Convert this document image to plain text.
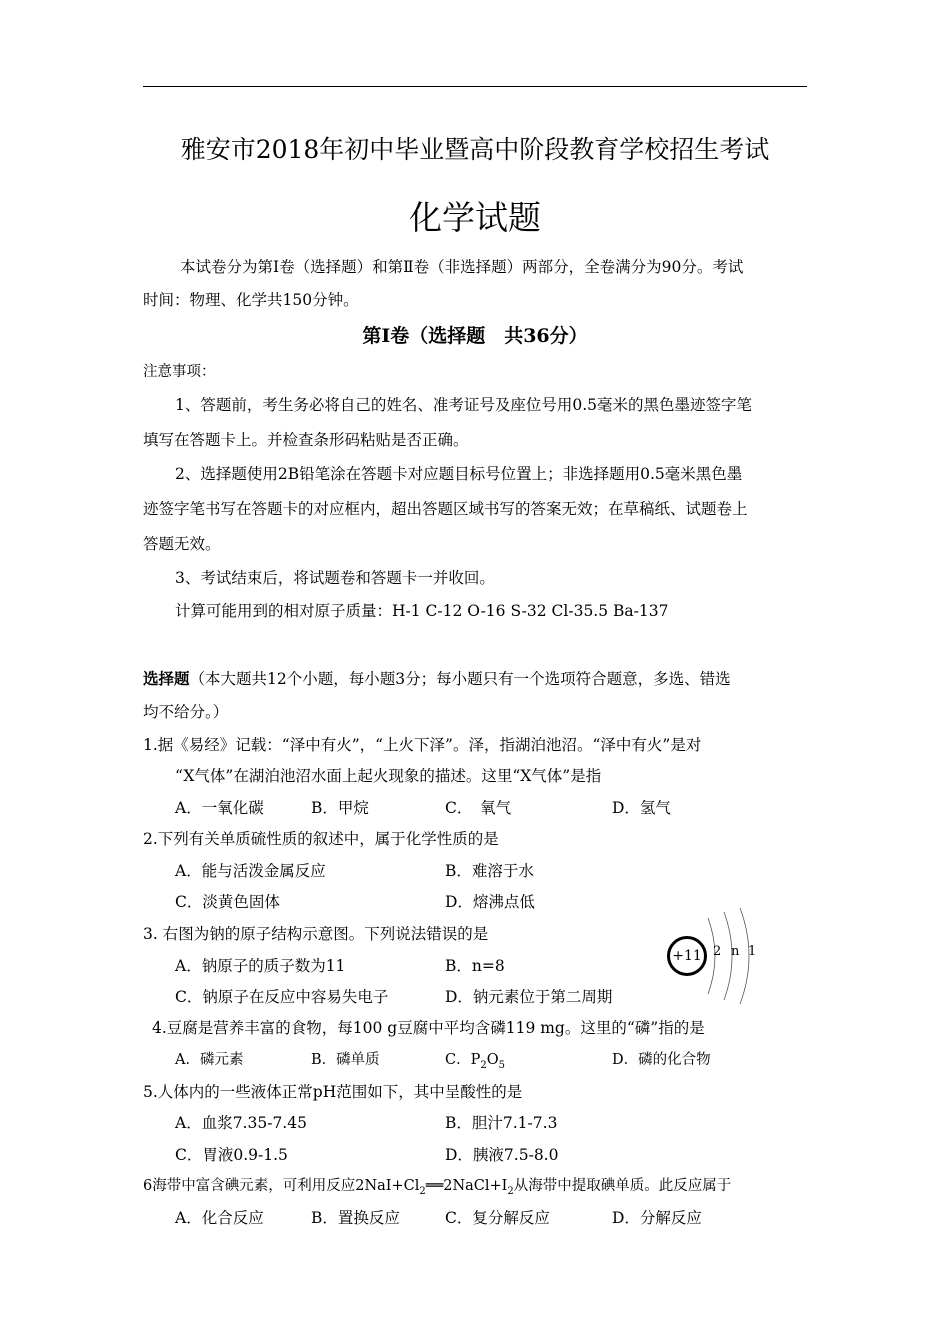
雅安市2018年初中毕业暨高中阶段教育学校招生考试
化学试题
本试卷分为第Ⅰ卷（选择题）和第Ⅱ卷（非选择题）两部分，全卷满分为90分。考试
时间：物理、化学共150分钟。
第Ⅰ卷（选择题　共36分）
注意事项：
1、答题前，考生务必将自己的姓名、准考证号及座位号用0.5毫米的黑色墨迹签字笔
填写在答题卡上。并检查条形码粘贴是否正确。
2、选择题使用2B铅笔涂在答题卡对应题目标号位置上；非选择题用0.5毫米黑色墨
迹签字笔书写在答题卡的对应框内，超出答题区域书写的答案无效；在草稿纸、试题卷上
答题无效。
3、考试结束后，将试题卷和答题卡一并收回。
计算可能用到的相对原子质量：H-1 C-12 O-16 S-32 Cl-35.5 Ba-137
选择题（本大题共12个小题，每小题3分；每小题只有一个选项符合题意，多选、错选
均不给分。）
1.据《易经》记载：“泽中有火”，“上火下泽”。泽，指湖泊池沼。“泽中有火”是对
“X气体”在湖泊池沼水面上起火现象的描述。这里“X气体”是指
A．一氧化碳	B．甲烷	C．　氧气	D．氢气
2.下列有关单质硫性质的叙述中，属于化学性质的是
A．能与活泼金属反应	B．难溶于水
C．淡黄色固体	D．熔沸点低
3. 右图为钠的原子结构示意图。下列说法错误的是
A．钠原子的质子数为11	B．n=8
C．钠原子在反应中容易失电子	D．钠元素位于第二周期
+11 2 n 1
4.豆腐是营养丰富的食物，每100 g豆腐中平均含磷119 mg。这里的“磷”指的是
A．磷元素	B．磷单质	C．$P_2O_5$	D．磷的化合物
5.人体内的一些液体正常pH范围如下，其中呈酸性的是
A．血浆7.35-7.45	B．胆汁7.1-7.3
C．胃液0.9-1.5	D．胰液7.5-8.0
6海带中富含碘元素，可利用反应$2NaI+Cl_2══2NaCl+I_2$从海带中提取碘单质。此反应属于
A．化合反应	B．置换反应	C．复分解反应	D．分解反应
